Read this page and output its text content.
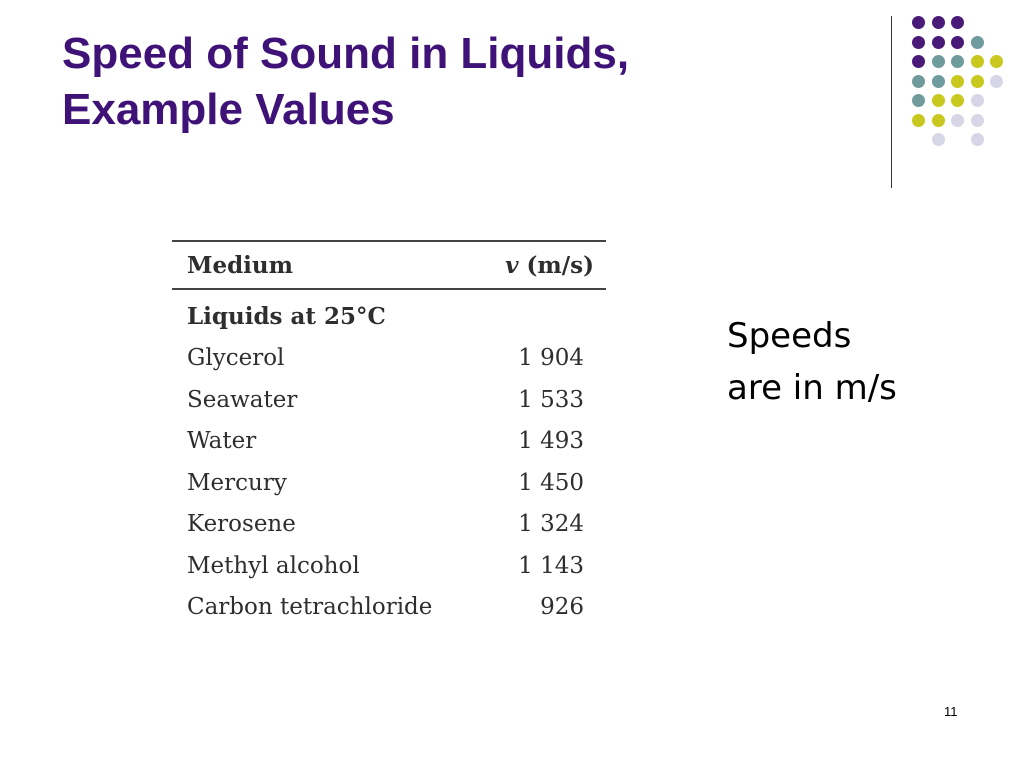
Speed of Sound in Liquids,
Example Values
Medium	v (m/s)
Liquids at 25°C	
Glycerol	1 904
Seawater	1 533
Water	1 493
Mercury	1 450
Kerosene	1 324
Methyl alcohol	1 143
Carbon tetrachloride	926
Speeds
are in m/s
11
